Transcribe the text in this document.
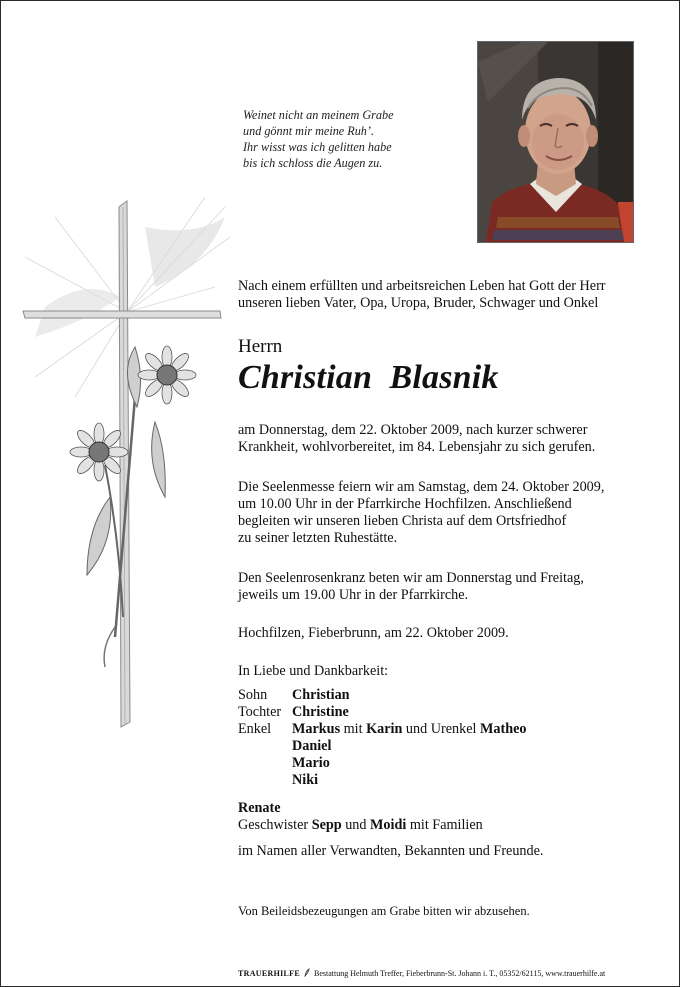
Weinet nicht an meinem Grabe
und gönnt mir meine Ruh’.
Ihr wisst was ich gelitten habe
bis ich schloss die Augen zu.
Nach einem erfüllten und arbeitsreichen Leben hat Gott der Herr
unseren lieben Vater, Opa, Uropa, Bruder, Schwager und Onkel
Herrn
Christian Blasnik
am Donnerstag, dem 22. Oktober 2009, nach kurzer schwerer
Krankheit, wohlvorbereitet, im 84. Lebensjahr zu sich gerufen.
Die Seelenmesse feiern wir am Samstag, dem 24. Oktober 2009,
um 10.00 Uhr in der Pfarrkirche Hochfilzen. Anschließend
begleiten wir unseren lieben Christa auf dem Ortsfriedhof
zu seiner letzten Ruhestätte.
Den Seelenrosenkranz beten wir am Donnerstag und Freitag,
jeweils um 19.00 Uhr in der Pfarrkirche.
Hochfilzen, Fieberbrunn, am 22. Oktober 2009.
In Liebe und Dankbarkeit:
Sohn	Christian
Tochter Christine
Enkel	Markus mit Karin und Urenkel Matheo
Daniel
Mario
Niki
Renate
Geschwister Sepp und Moidi mit Familien
im Namen aller Verwandten, Bekannten und Freunde.
Von Beileidsbezeugungen am Grabe bitten wir abzusehen.
TRAUERHILFE Bestattung Helmuth Treffer, Fieberbrunn-St. Johann i. T., 05352/62115, www.trauerhilfe.at
